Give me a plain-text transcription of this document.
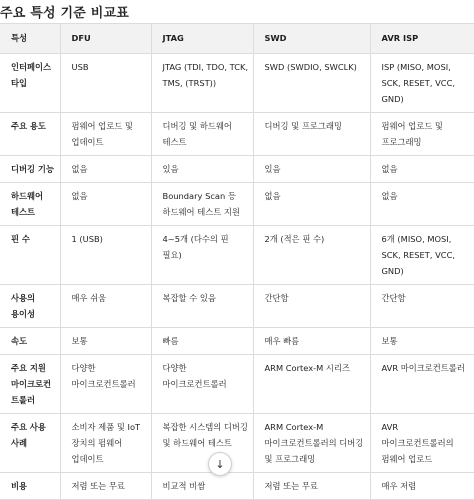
주요 특성 기준 비교표
특성	DFU	JTAG	SWD	AVR ISP
인터페이스 타입	USB	JTAG (TDI, TDO, TCK, TMS, (TRST))	SWD (SWDIO, SWCLK)	ISP (MISO, MOSI, SCK, RESET, VCC, GND)
주요 용도	펌웨어 업로드 및 업데이트	디버깅 및 하드웨어 테스트	디버깅 및 프로그래밍	펌웨어 업로드 및 프로그래밍
디버깅 기능	없음	있음	있음	없음
하드웨어 테스트	없음	Boundary Scan 등 하드웨어 테스트 지원	없음	없음
핀 수	1 (USB)	4~5개 (다수의 핀 필요)	2개 (적은 핀 수)	6개 (MISO, MOSI, SCK, RESET, VCC, GND)
사용의 용이성	매우 쉬움	복잡할 수 있음	간단함	간단함
속도	보통	빠름	매우 빠름	보통
주요 지원 마이크로컨트롤러	다양한 마이크로컨트롤러	다양한 마이크로컨트롤러	ARM Cortex-M 시리즈	AVR 마이크로컨트롤러
주요 사용 사례	소비자 제품 및 IoT 장치의 펌웨어 업데이트	복잡한 시스템의 디버깅 및 하드웨어 테스트	ARM Cortex-M 마이크로컨트롤러의 디버깅 및 프로그래밍	AVR 마이크로컨트롤러의 펌웨어 업로드
비용	저렴 또는 무료	비교적 비쌈	저렴 또는 무료	매우 저렴
↓
